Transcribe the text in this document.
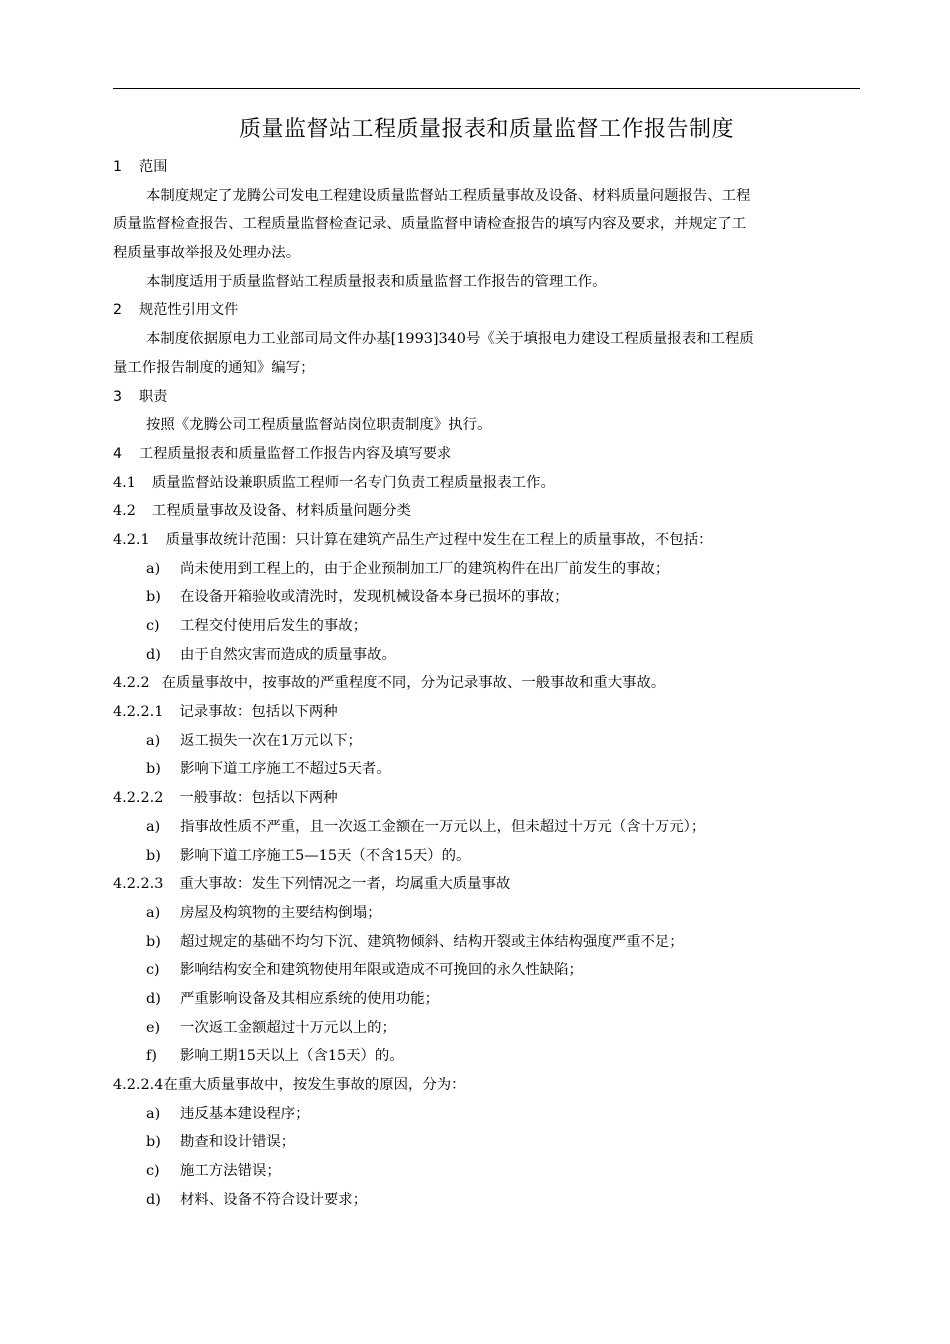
质量监督站工程质量报表和质量监督工作报告制度
1 范围
本制度规定了龙腾公司发电工程建设质量监督站工程质量事故及设备、材料质量问题报告、工程
质量监督检查报告、工程质量监督检查记录、质量监督申请检查报告的填写内容及要求，并规定了工
程质量事故举报及处理办法。
本制度适用于质量监督站工程质量报表和质量监督工作报告的管理工作。
2 规范性引用文件
本制度依据原电力工业部司局文件办基[1993]340号《关于填报电力建设工程质量报表和工程质
量工作报告制度的通知》编写；
3 职责
按照《龙腾公司工程质量监督站岗位职责制度》执行。
4 工程质量报表和质量监督工作报告内容及填写要求
4.1 质量监督站设兼职质监工程师一名专门负责工程质量报表工作。
4.2 工程质量事故及设备、材料质量问题分类
4.2.1 质量事故统计范围：只计算在建筑产品生产过程中发生在工程上的质量事故，不包括：
a) 尚未使用到工程上的，由于企业预制加工厂的建筑构件在出厂前发生的事故；
b) 在设备开箱验收或清洗时，发现机械设备本身已损坏的事故；
c) 工程交付使用后发生的事故；
d) 由于自然灾害而造成的质量事故。
4.2.2 在质量事故中，按事故的严重程度不同，分为记录事故、一般事故和重大事故。
4.2.2.1 记录事故：包括以下两种
a) 返工损失一次在1万元以下；
b) 影响下道工序施工不超过5天者。
4.2.2.2 一般事故：包括以下两种
a) 指事故性质不严重，且一次返工金额在一万元以上，但未超过十万元（含十万元）；
b) 影响下道工序施工5—15天（不含15天）的。
4.2.2.3 重大事故：发生下列情况之一者，均属重大质量事故
a) 房屋及构筑物的主要结构倒塌；
b) 超过规定的基础不均匀下沉、建筑物倾斜、结构开裂或主体结构强度严重不足；
c) 影响结构安全和建筑物使用年限或造成不可挽回的永久性缺陷；
d) 严重影响设备及其相应系统的使用功能；
e) 一次返工金额超过十万元以上的；
f) 影响工期15天以上（含15天）的。
4.2.2.4在重大质量事故中，按发生事故的原因，分为：
a) 违反基本建设程序；
b) 勘查和设计错误；
c) 施工方法错误；
d) 材料、设备不符合设计要求；
